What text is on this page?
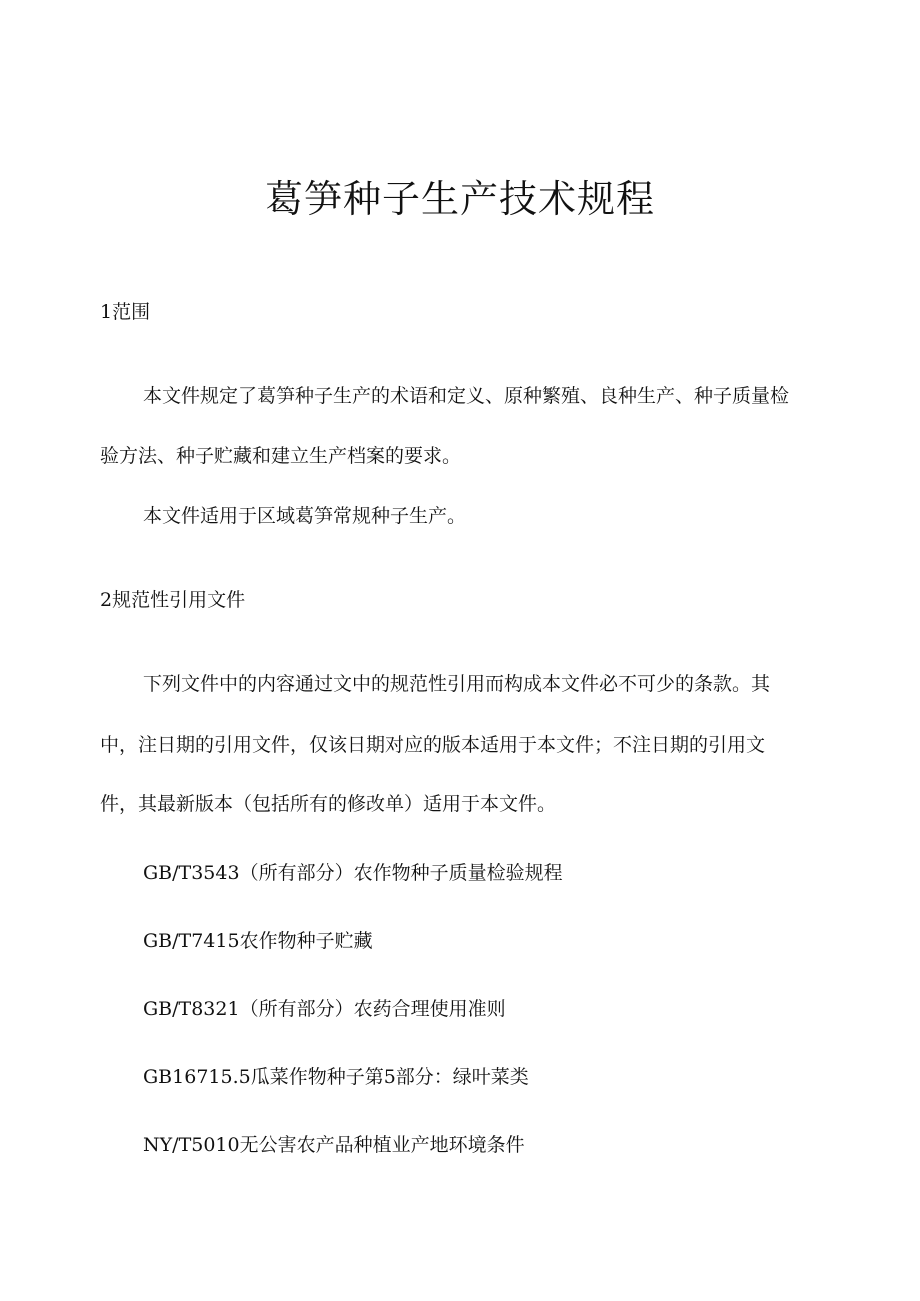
葛笋种子生产技术规程

1范围

本文件规定了葛笋种子生产的术语和定义、原种繁殖、良种生产、种子质量检

验方法、种子贮藏和建立生产档案的要求。

本文件适用于区域葛笋常规种子生产。

2规范性引用文件

下列文件中的内容通过文中的规范性引用而构成本文件必不可少的条款。其

中，注日期的引用文件，仅该日期对应的版本适用于本文件；不注日期的引用文

件，其最新版本（包括所有的修改单）适用于本文件。

GB/T3543（所有部分）农作物种子质量检验规程

GB/T7415农作物种子贮藏

GB/T8321（所有部分）农药合理使用准则

GB16715.5瓜菜作物种子第5部分：绿叶菜类

NY/T5010无公害农产品种植业产地环境条件
